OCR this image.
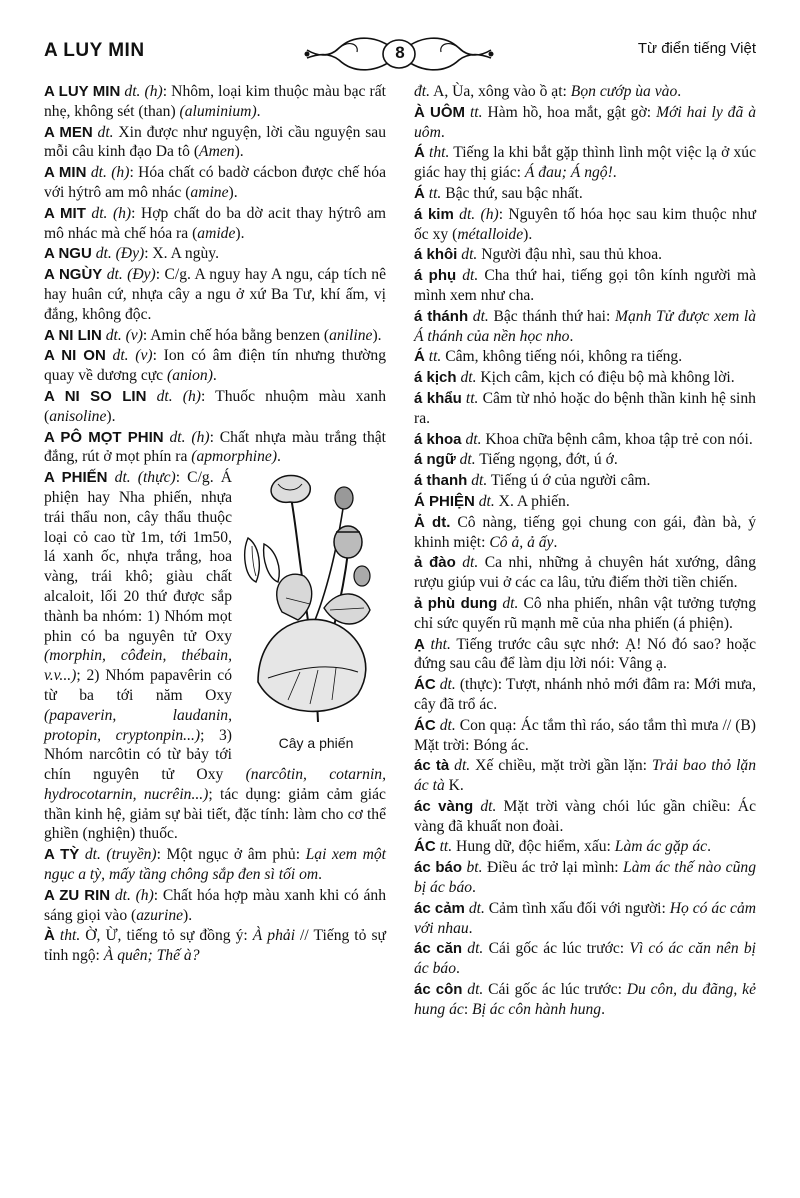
A LUY MIN	8	Từ điển tiếng Việt
A LUY MIN dt. (h): Nhôm, loại kim thuộc màu bạc rất nhẹ, không sét (than) (aluminium).
A MEN dt. Xin được như nguyện, lời cầu nguyện sau mỗi câu kinh đạo Da tô (Amen).
A MIN dt. (h): Hóa chất có badờ cácbon được chế hóa với hýtrô am mô nhác (amine).
A MIT dt. (h): Hợp chất do ba dờ acit thay hýtrô am mô nhác mà chế hóa ra (amide).
A NGU dt. (Đy): X. A ngùy.
A NGÙY dt. (Đy): C/g. A nguy hay A ngu, cáp tích nê hay huân cứ, nhựa cây a ngu ở xứ Ba Tư, khí ấm, vị đắng, không độc.
A NI LIN dt. (v): Amin chế hóa bằng benzen (aniline).
A NI ON dt. (v): Ion có âm điện tín nhưng thường quay về dương cực (anion).
A NI SO LIN dt. (h): Thuốc nhuộm màu xanh (anisoline).
A PÔ MỌT PHIN dt. (h): Chất nhựa màu trắng thật đắng, rút ở mọt phín ra (apmorphine).
Cây a phiến
A PHIẾN dt. (thực): C/g. Á phiện hay Nha phiến, nhựa trái thẩu non, cây thẩu thuộc loại cỏ cao từ 1m, tới 1m50, lá xanh ốc, nhựa trắng, hoa vàng, trái khô; giàu chất alcaloit, lối 20 thứ được sắp thành ba nhóm: 1) Nhóm mọt phin có ba nguyên tử Oxy (morphin, côđein, thébain, v.v...); 2) Nhóm papavêrin có từ ba tới năm Oxy (papaverin, laudanin, protopin, cryptonpin...); 3) Nhóm narcôtin có từ bảy tới chín nguyên tử Oxy (narcôtin, cotarnin, hydrocotarnin, nucrêin...); tác dụng: giảm cảm giác thần kinh hệ, giảm sự bài tiết, đặc tính: làm cho cơ thể ghiền (nghiện) thuốc.
A TỲ dt. (truyền): Một ngục ở âm phủ: Lại xem một ngục a tỳ, mấy tầng chông sắp đen sì tối om.
A ZU RIN dt. (h): Chất hóa hợp màu xanh khi có ánh sáng giọi vào (azurine).
À tht. Ờ, Ừ, tiếng tỏ sự đồng ý: À phải // Tiếng tỏ sự tỉnh ngộ: À quên; Thế à?
đt. A, Ùa, xông vào ồ ạt: Bọn cướp ùa vào.
À UÔM tt. Hàm hồ, hoa mắt, gật gờ: Mới hai ly đã à uôm.
Á tht. Tiếng la khi bắt gặp thình lình một việc lạ ở xúc giác hay thị giác: Á đau; Á ngộ!.
Á tt. Bậc thứ, sau bậc nhất.
á kim dt. (h): Nguyên tố hóa học sau kim thuộc như ốc xy (métalloide).
á khôi dt. Người đậu nhì, sau thủ khoa.
á phụ dt. Cha thứ hai, tiếng gọi tôn kính người mà mình xem như cha.
á thánh dt. Bậc thánh thứ hai: Mạnh Tử được xem là Á thánh của nền học nho.
Á tt. Câm, không tiếng nói, không ra tiếng.
á kịch dt. Kịch câm, kịch có điệu bộ mà không lời.
á khẩu tt. Câm từ nhỏ hoặc do bệnh thần kinh hệ sinh ra.
á khoa dt. Khoa chữa bệnh câm, khoa tập trẻ con nói.
á ngữ dt. Tiếng ngọng, đớt, ú ớ.
á thanh dt. Tiếng ú ớ của người câm.
Á PHIỆN dt. X. A phiến.
Ả dt. Cô nàng, tiếng gọi chung con gái, đàn bà, ý khinh miệt: Cô ả, ả ấy.
ả đào dt. Ca nhi, những ả chuyên hát xướng, dâng rượu giúp vui ở các ca lâu, tửu điếm thời tiền chiến.
ả phù dung dt. Cô nha phiến, nhân vật tưởng tượng chỉ sức quyến rũ mạnh mẽ của nha phiến (á phiện).
Ạ tht. Tiếng trước câu sực nhớ: Ạ! Nó đó sao? hoặc đứng sau câu để làm dịu lời nói: Vâng ạ.
ÁC dt. (thực): Tượt, nhánh nhỏ mới đâm ra: Mới mưa, cây đã trổ ác.
ÁC dt. Con quạ: Ác tắm thì ráo, sáo tắm thì mưa // (B) Mặt trời: Bóng ác.
ác tà dt. Xế chiều, mặt trời gần lặn: Trải bao thỏ lặn ác tà K.
ác vàng dt. Mặt trời vàng chói lúc gần chiều: Ác vàng đã khuất non đoài.
ÁC tt. Hung dữ, độc hiểm, xấu: Làm ác gặp ác.
ác báo bt. Điều ác trở lại mình: Làm ác thế nào cũng bị ác báo.
ác cảm dt. Cảm tình xấu đối với người: Họ có ác cảm với nhau.
ác căn dt. Cái gốc ác lúc trước: Vì có ác căn nên bị ác báo.
ác côn dt. Cái gốc ác lúc trước: Du côn, du đãng, kẻ hung ác: Bị ác côn hành hung.
